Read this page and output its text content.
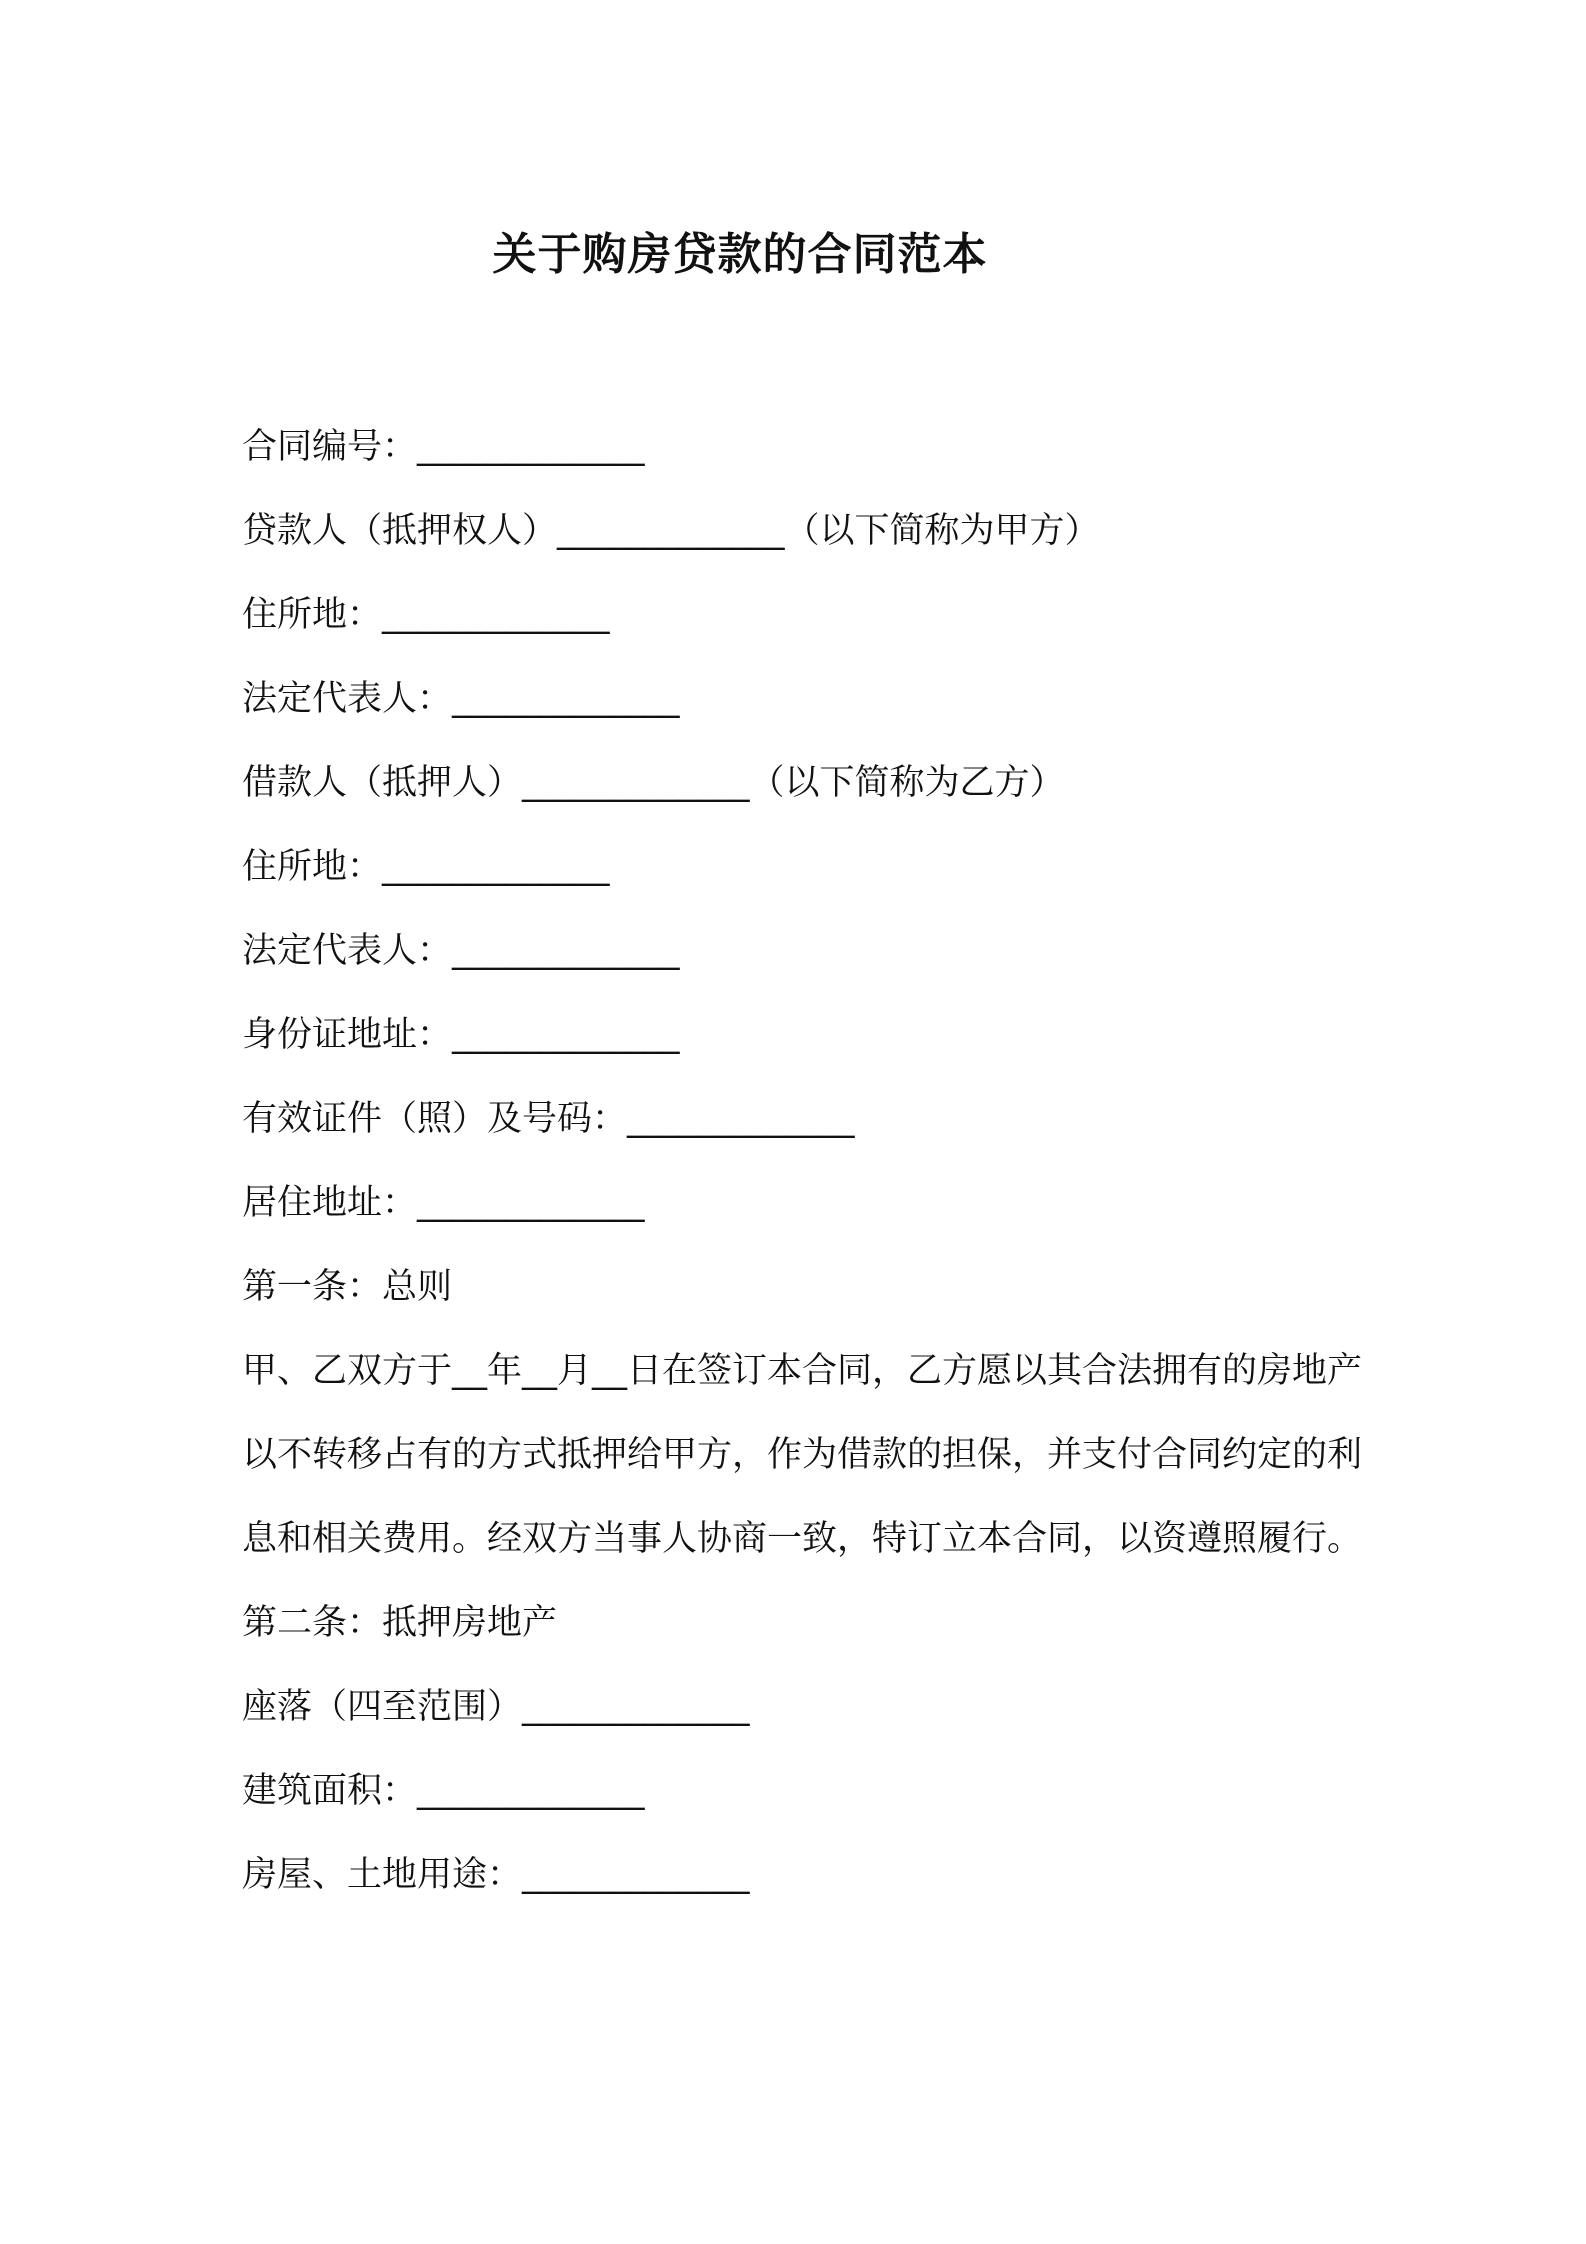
关于购房贷款的合同范本

合同编号：_____________

贷款人（抵押权人）_____________（以下简称为甲方）

住所地：_____________

法定代表人：_____________

借款人（抵押人）_____________（以下简称为乙方）

住所地：_____________

法定代表人：_____________

身份证地址：_____________

有效证件（照）及号码：_____________

居住地址：_____________

第一条：总则

甲、乙双方于__年__月__日在签订本合同，乙方愿以其合法拥有的房地产以不转移占有的方式抵押给甲方，作为借款的担保，并支付合同约定的利息和相关费用。经双方当事人协商一致，特订立本合同，以资遵照履行。

第二条：抵押房地产

座落（四至范围）_____________

建筑面积：_____________

房屋、土地用途：_____________
